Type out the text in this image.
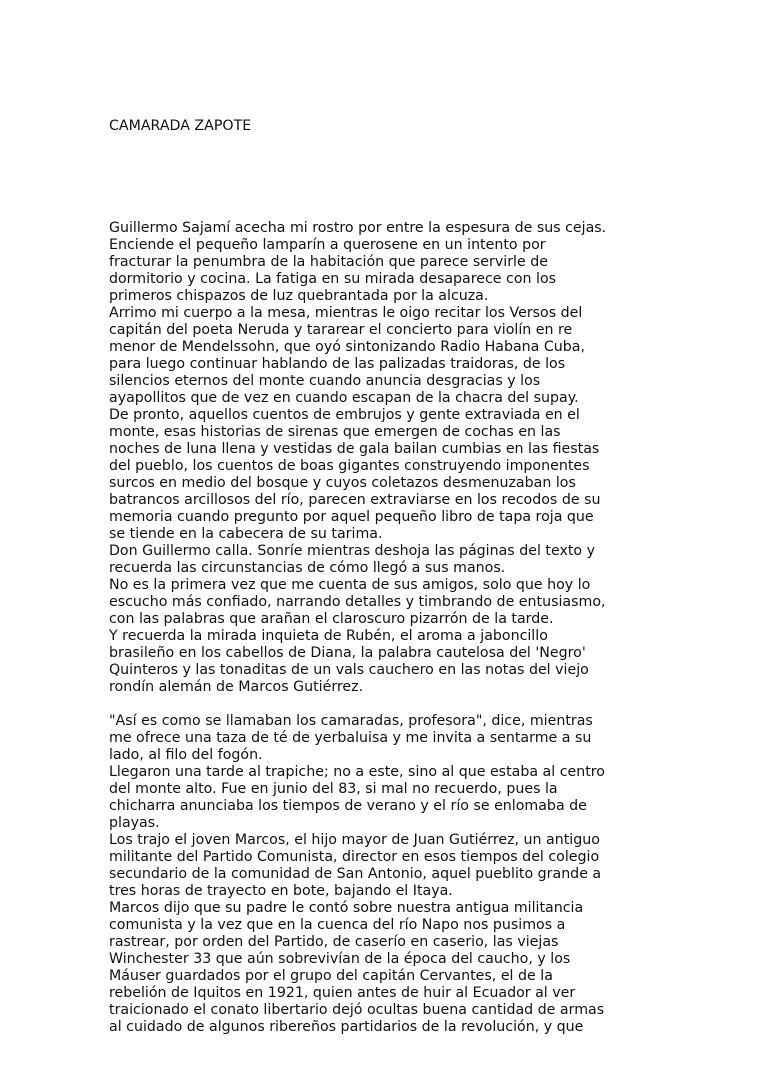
CAMARADA ZAPOTE

Guillermo Sajamí acecha mi rostro por entre la espesura de sus cejas.
Enciende el pequeño lamparín a querosene en un intento por
fracturar la penumbra de la habitación que parece servirle de
dormitorio y cocina. La fatiga en su mirada desaparece con los
primeros chispazos de luz quebrantada por la alcuza.
Arrimo mi cuerpo a la mesa, mientras le oigo recitar los Versos del
capitán del poeta Neruda y tararear el concierto para violín en re
menor de Mendelssohn, que oyó sintonizando Radio Habana Cuba,
para luego continuar hablando de las palizadas traidoras, de los
silencios eternos del monte cuando anuncia desgracias y los
ayapollitos que de vez en cuando escapan de la chacra del supay.
De pronto, aquellos cuentos de embrujos y gente extraviada en el
monte, esas historias de sirenas que emergen de cochas en las
noches de luna llena y vestidas de gala bailan cumbias en las fiestas
del pueblo, los cuentos de boas gigantes construyendo imponentes
surcos en medio del bosque y cuyos coletazos desmenuzaban los
batrancos arcillosos del río, parecen extraviarse en los recodos de su
memoria cuando pregunto por aquel pequeño libro de tapa roja que
se tiende en la cabecera de su tarima.
Don Guillermo calla. Sonríe mientras deshoja las páginas del texto y
recuerda las circunstancias de cómo llegó a sus manos.
No es la primera vez que me cuenta de sus amigos, solo que hoy lo
escucho más confiado, narrando detalles y timbrando de entusiasmo,
con las palabras que arañan el claroscuro pizarrón de la tarde.
Y recuerda la mirada inquieta de Rubén, el aroma a jaboncillo
brasileño en los cabellos de Diana, la palabra cautelosa del 'Negro'
Quinteros y las tonaditas de un vals cauchero en las notas del viejo
rondín alemán de Marcos Gutiérrez.
"Así es como se llamaban los camaradas, profesora", dice, mientras
me ofrece una taza de té de yerbaluisa y me invita a sentarme a su
lado, al filo del fogón.
Llegaron una tarde al trapiche; no a este, sino al que estaba al centro
del monte alto. Fue en junio del 83, si mal no recuerdo, pues la
chicharra anunciaba los tiempos de verano y el río se enlomaba de
playas.
Los trajo el joven Marcos, el hijo mayor de Juan Gutiérrez, un antiguo
militante del Partido Comunista, director en esos tiempos del colegio
secundario de la comunidad de San Antonio, aquel pueblito grande a
tres horas de trayecto en bote, bajando el Itaya.
Marcos dijo que su padre le contó sobre nuestra antigua militancia
comunista y la vez que en la cuenca del río Napo nos pusimos a
rastrear, por orden del Partido, de caserío en caserio, las viejas
Winchester 33 que aún sobrevivían de la época del caucho, y los
Máuser guardados por el grupo del capitán Cervantes, el de la
rebelión de Iquitos en 1921, quien antes de huir al Ecuador al ver
traicionado el conato libertario dejó ocultas buena cantidad de armas
al cuidado de algunos ribereños partidarios de la revolución, y que
